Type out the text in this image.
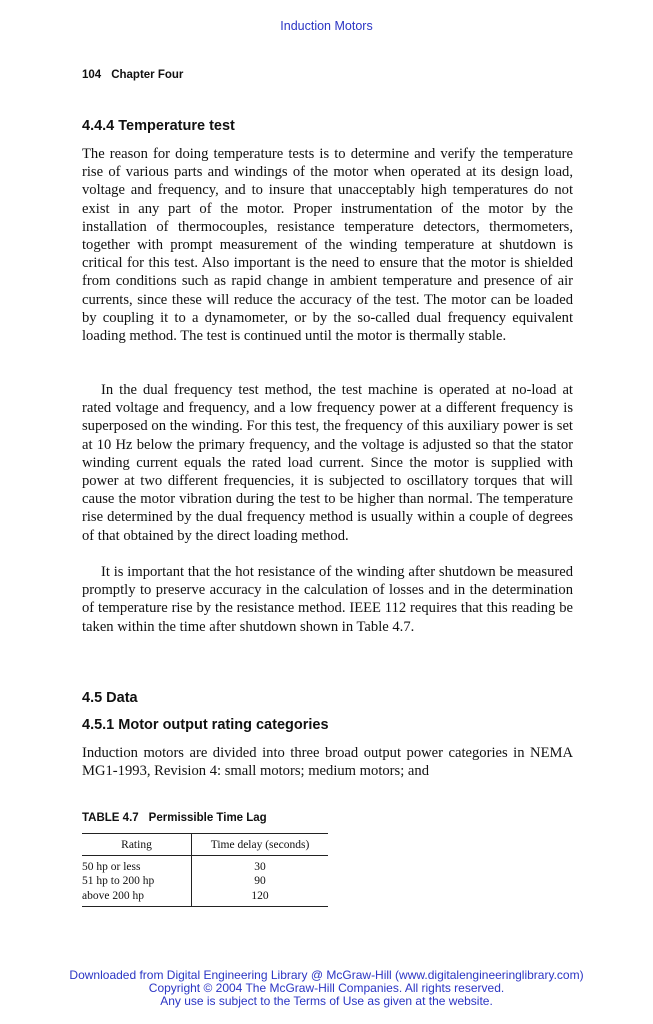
Induction Motors
104 Chapter Four
4.4.4 Temperature test

The reason for doing temperature tests is to determine and verify the temperature rise of various parts and windings of the motor when operated at its design load, voltage and frequency, and to insure that unacceptably high temperatures do not exist in any part of the motor. Proper instrumentation of the motor by the installation of thermocouples, resistance temperature detectors, thermometers, together with prompt measurement of the winding temperature at shutdown is critical for this test. Also important is the need to ensure that the motor is shielded from conditions such as rapid change in ambient temperature and presence of air currents, since these will reduce the accuracy of the test. The motor can be loaded by coupling it to a dynamometer, or by the so-called dual frequency equivalent loading method. The test is continued until the motor is thermally stable.

In the dual frequency test method, the test machine is operated at no-load at rated voltage and frequency, and a low frequency power at a different frequency is superposed on the winding. For this test, the frequency of this auxiliary power is set at 10 Hz below the primary frequency, and the voltage is adjusted so that the stator winding current equals the rated load current. Since the motor is supplied with power at two different frequencies, it is subjected to oscillatory torques that will cause the motor vibration during the test to be higher than normal. The temperature rise determined by the dual frequency method is usually within a couple of degrees of that obtained by the direct loading method.

It is important that the hot resistance of the winding after shutdown be measured promptly to preserve accuracy in the calculation of losses and in the determination of temperature rise by the resistance method. IEEE 112 requires that this reading be taken within the time after shutdown shown in Table 4.7.

4.5 Data
4.5.1 Motor output rating categories

Induction motors are divided into three broad output power categories in NEMA MG1-1993, Revision 4: small motors; medium motors; and

TABLE 4.7 Permissible Time Lag
Rating	Time delay (seconds)
50 hp or less	30
51 hp to 200 hp	90
above 200 hp	120
Downloaded from Digital Engineering Library @ McGraw-Hill (www.digitalengineeringlibrary.com)
Copyright © 2004 The McGraw-Hill Companies. All rights reserved.
Any use is subject to the Terms of Use as given at the website.
